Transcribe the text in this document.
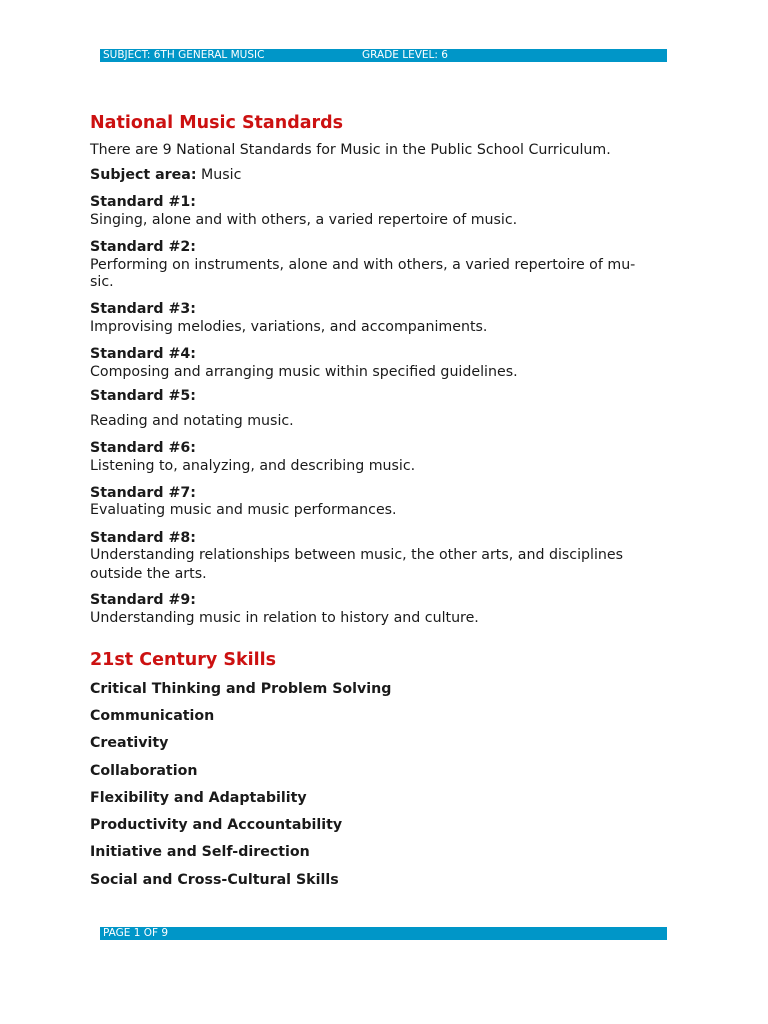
SUBJECT: 6TH GENERAL MUSIC	GRADE LEVEL: 6
National Music Standards
There are 9 National Standards for Music in the Public School Curriculum.
Subject area: Music
Standard #1:
Singing, alone and with others, a varied repertoire of music.
Standard #2:
Performing on instruments, alone and with others, a varied repertoire of mu-
sic.
Standard #3:
Improvising melodies, variations, and accompaniments.
Standard #4:
Composing and arranging music within specified guidelines.
Standard #5:
Reading and notating music.
Standard #6:
Listening to, analyzing, and describing music.
Standard #7:
Evaluating music and music performances.
Standard #8:
Understanding relationships between music, the other arts, and disciplines
outside the arts.
Standard #9:
Understanding music in relation to history and culture.
21st Century Skills
Critical Thinking and Problem Solving
Communication
Creativity
Collaboration
Flexibility and Adaptability
Productivity and Accountability
Initiative and Self-direction
Social and Cross-Cultural Skills
PAGE 1 OF 9
